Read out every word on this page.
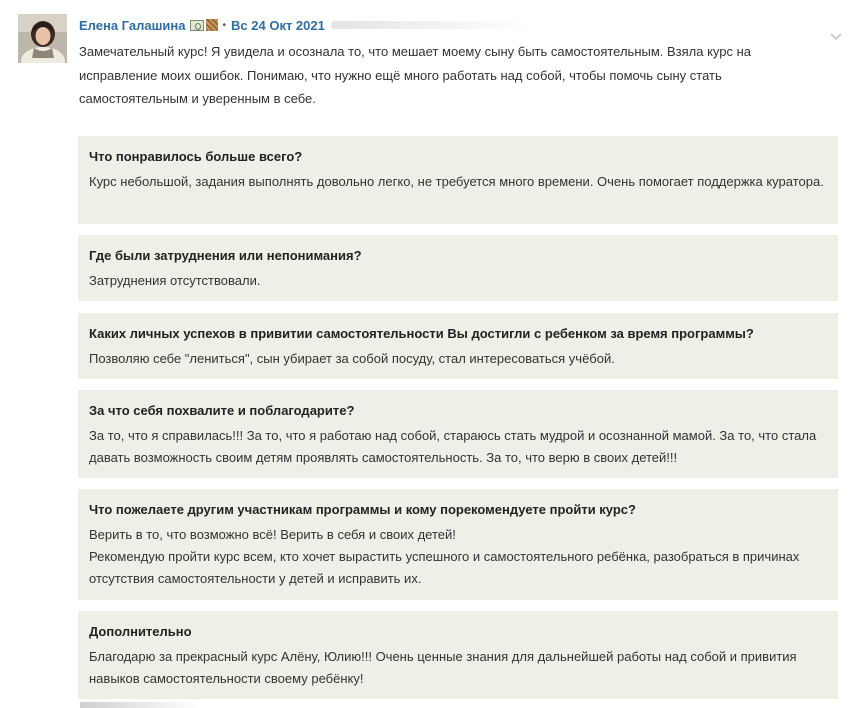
Елена Галашина	• Вс 24 Окт 2021
Замечательный курс! Я увидела и осознала то, что мешает моему сыну быть самостоятельным. Взяла курс на исправление моих ошибок. Понимаю, что нужно ещё много работать над собой, чтобы помочь сыну стать самостоятельным и уверенным в себе.
Что понравилось больше всего?
Курс небольшой, задания выполнять довольно легко, не требуется много времени. Очень помогает поддержка куратора.
Где были затруднения или непонимания?
Затруднения отсутствовали.
Каких личных успехов в привитии самостоятельности Вы достигли с ребенком за время программы?
Позволяю себе "лениться", сын убирает за собой посуду, стал интересоваться учёбой.
За что себя похвалите и поблагодарите?
За то, что я справилась!!! За то, что я работаю над собой, стараюсь стать мудрой и осознанной мамой. За то, что стала давать возможность своим детям проявлять самостоятельность. За то, что верю в своих детей!!!
Что пожелаете другим участникам программы и кому порекомендуете пройти курс?
Верить в то, что возможно всё! Верить в себя и своих детей!
Рекомендую пройти курс всем, кто хочет вырастить успешного и самостоятельного ребёнка, разобраться в причинах отсутствия самостоятельности у детей и исправить их.
Дополнительно
Благодарю за прекрасный курс Алёну, Юлию!!! Очень ценные знания для дальнейшей работы над собой и привития навыков самостоятельности своему ребёнку!
